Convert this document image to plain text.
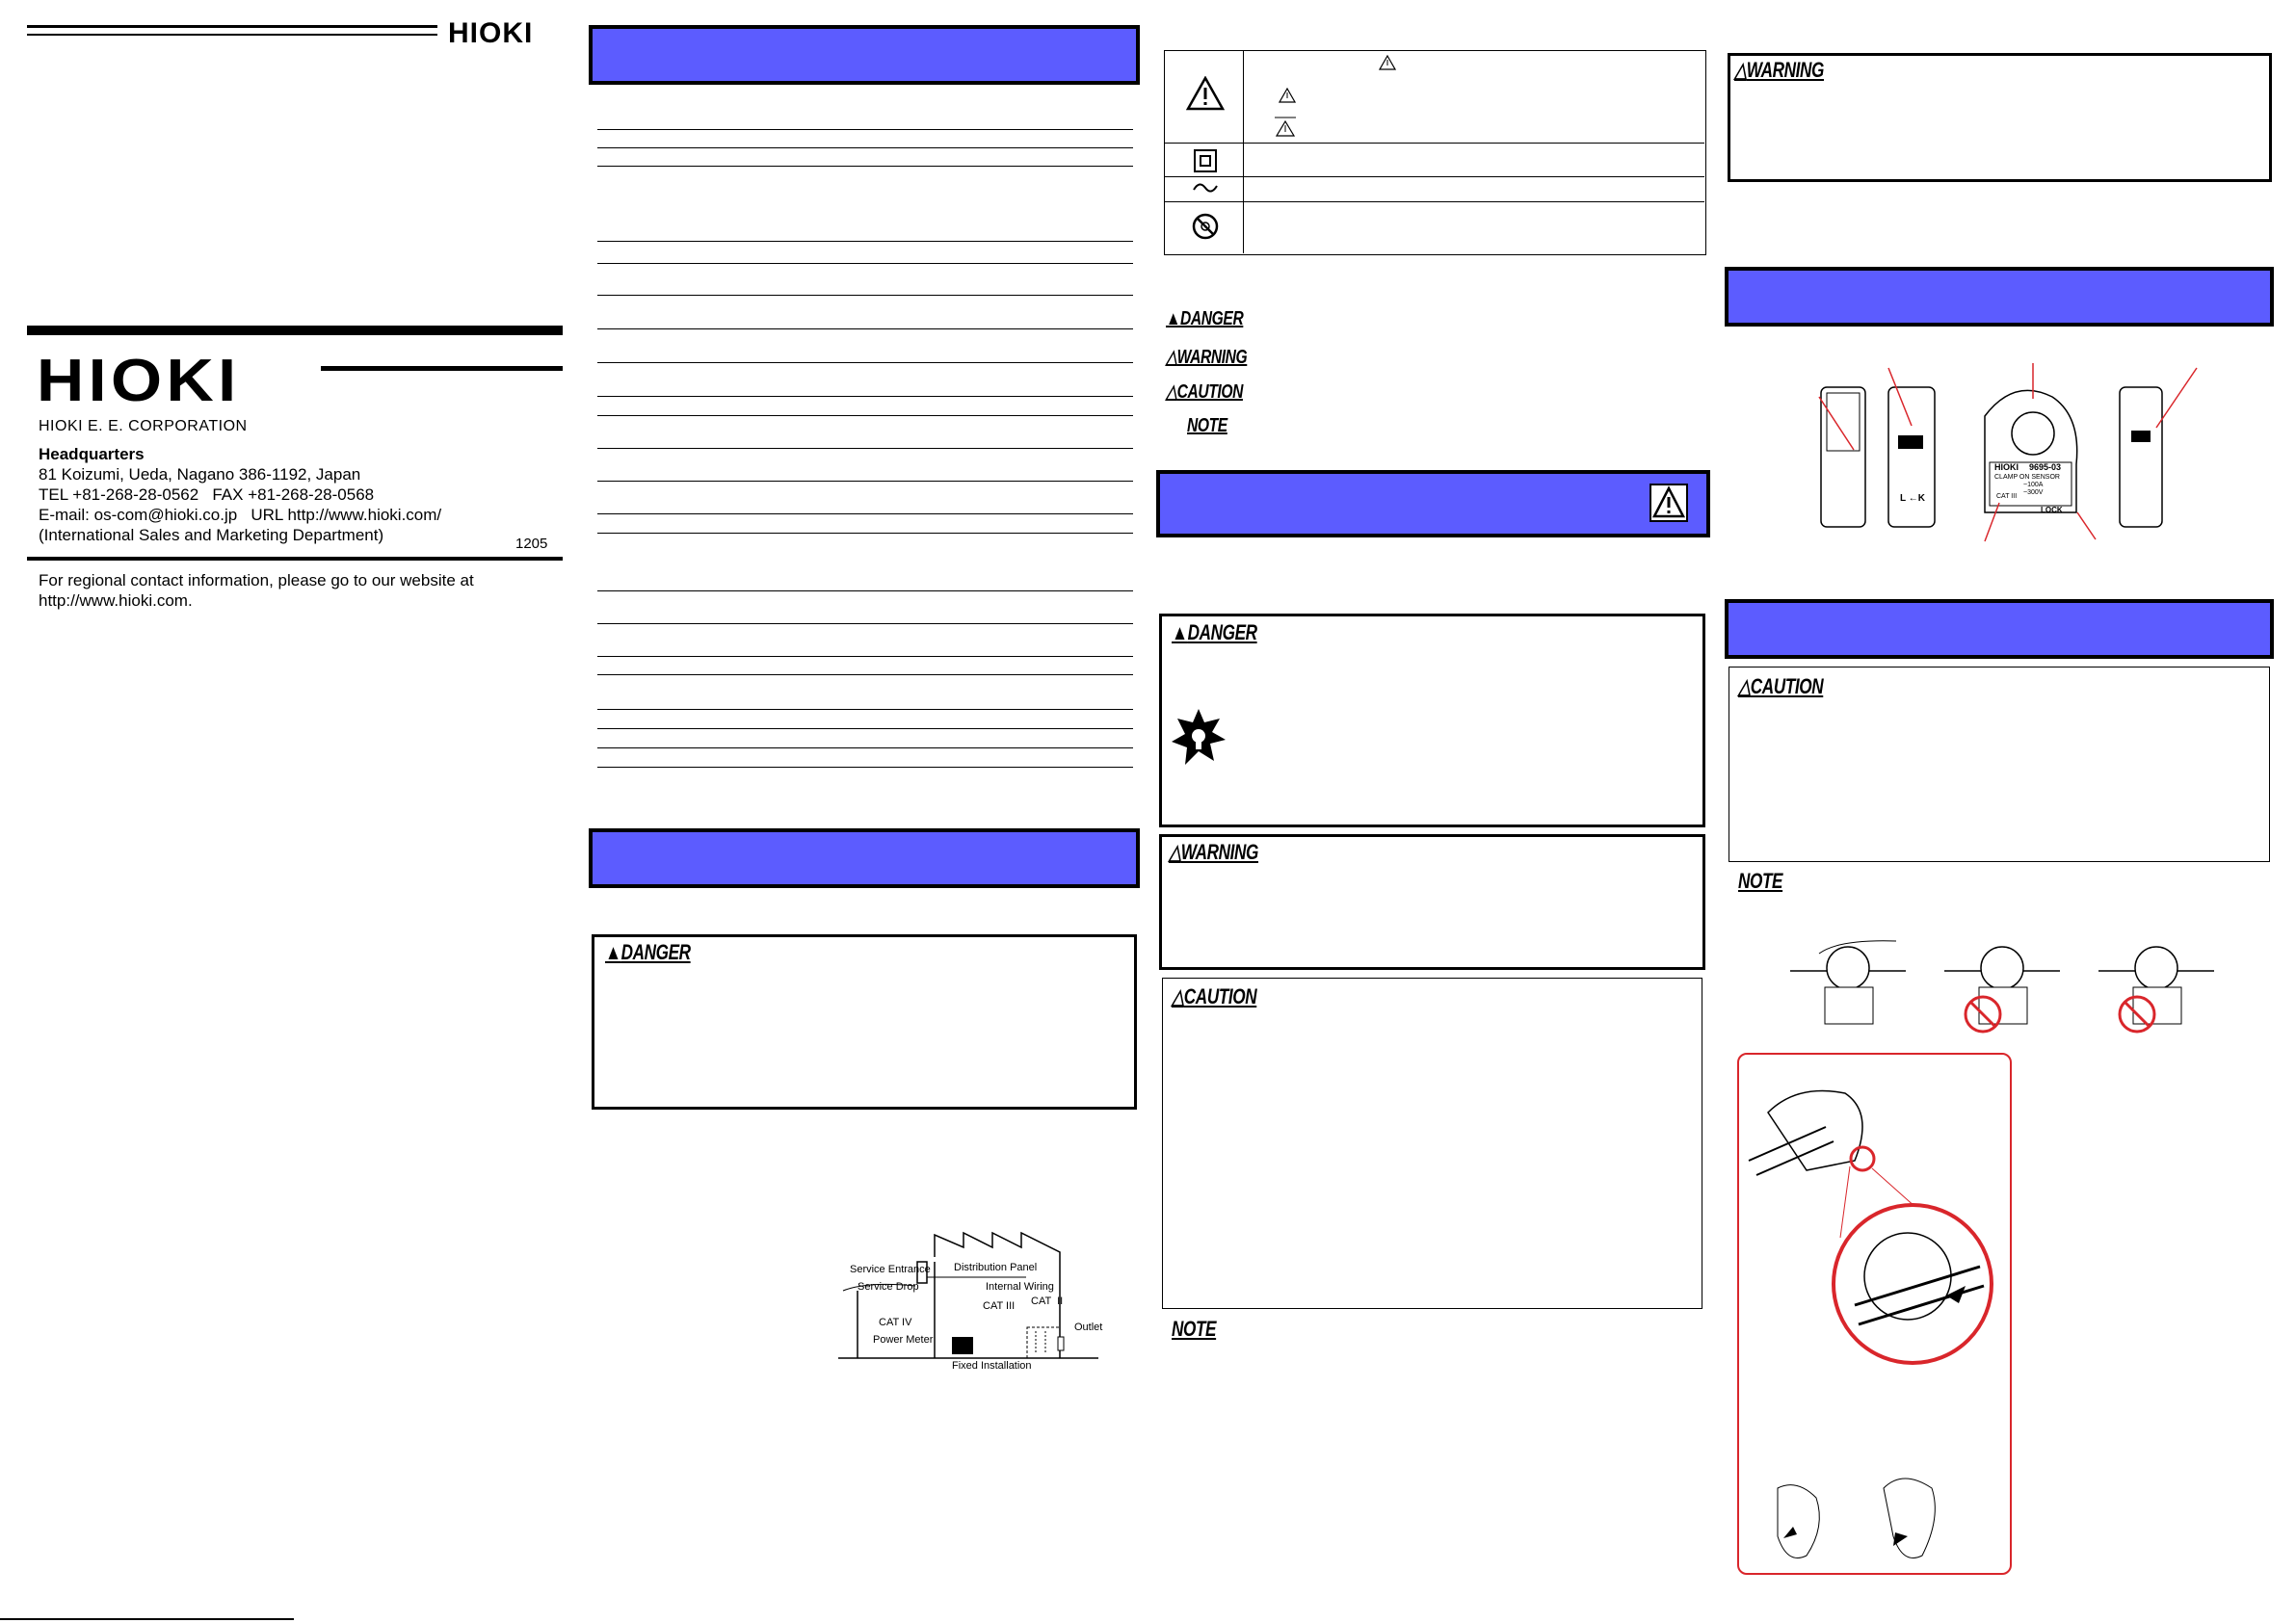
HIOKI
HIOKI
HIOKI E. E. CORPORATION
Headquarters
81 Koizumi, Ueda, Nagano 386-1192, Japan
TEL +81-268-28-0562   FAX +81-268-28-0568
E-mail: os-com@hioki.co.jp   URL http://www.hioki.com/
(International Sales and Marketing Department)	1205
For regional contact information, please go to our website at
http://www.hioki.com.
▲DANGER
Service Entrance
Service Drop
Distribution Panel
Internal Wiring
CAT IV
CAT III CAT  II
Power Meter
Outlet
Fixed Installation
▲DANGER
△WARNING
△CAUTION
NOTE
▲DANGER
△WARNING
△CAUTION
NOTE
△WARNING
HIOKI 9695-03
CLAMP ON SENSOR
~100A
~300V
CAT III
LOCK
L ←K
△CAUTION
NOTE
